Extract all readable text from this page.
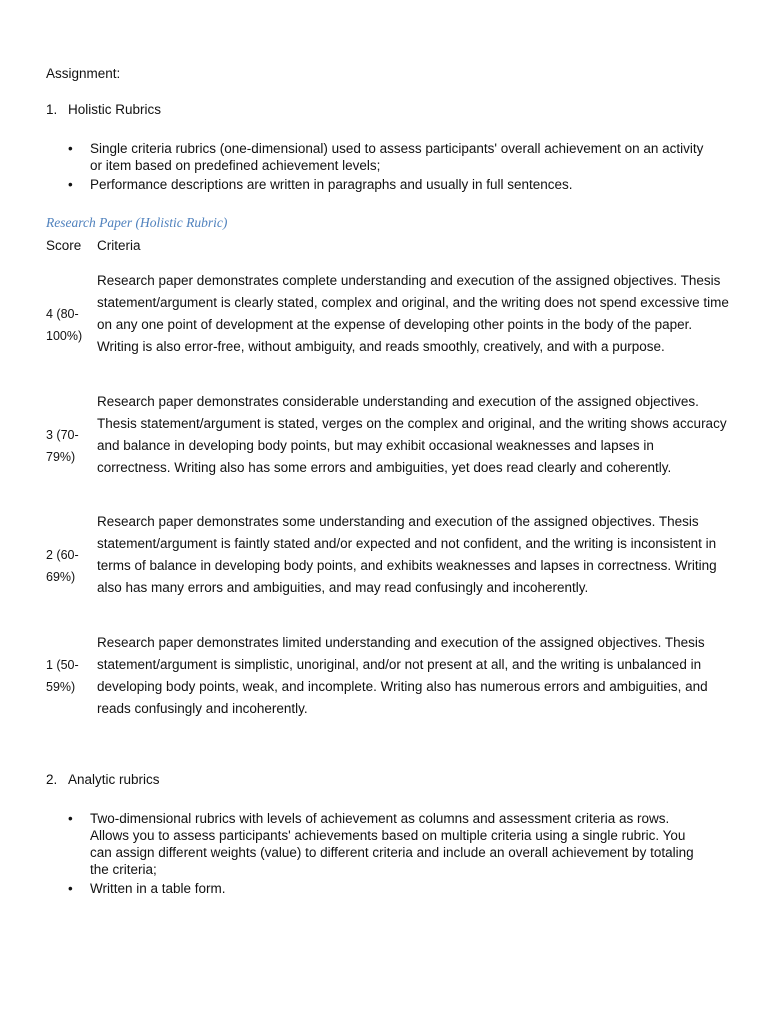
Assignment:
1. Holistic Rubrics
• Single criteria rubrics (one-dimensional) used to assess participants' overall achievement on an activity or item based on predefined achievement levels;
• Performance descriptions are written in paragraphs and usually in full sentences.
Research Paper (Holistic Rubric)
Score Criteria
4 (80-100%)
Research paper demonstrates complete understanding and execution of the assigned objectives. Thesis statement/argument is clearly stated, complex and original, and the writing does not spend excessive time on any one point of development at the expense of developing other points in the body of the paper. Writing is also error-free, without ambiguity, and reads smoothly, creatively, and with a purpose.
3 (70-79%)
Research paper demonstrates considerable understanding and execution of the assigned objectives. Thesis statement/argument is stated, verges on the complex and original, and the writing shows accuracy and balance in developing body points, but may exhibit occasional weaknesses and lapses in correctness. Writing also has some errors and ambiguities, yet does read clearly and coherently.
2 (60-69%)
Research paper demonstrates some understanding and execution of the assigned objectives. Thesis statement/argument is faintly stated and/or expected and not confident, and the writing is inconsistent in terms of balance in developing body points, and exhibits weaknesses and lapses in correctness. Writing also has many errors and ambiguities, and may read confusingly and incoherently.
1 (50-59%)
Research paper demonstrates limited understanding and execution of the assigned objectives. Thesis statement/argument is simplistic, unoriginal, and/or not present at all, and the writing is unbalanced in developing body points, weak, and incomplete. Writing also has numerous errors and ambiguities, and reads confusingly and incoherently.
2. Analytic rubrics
• Two-dimensional rubrics with levels of achievement as columns and assessment criteria as rows. Allows you to assess participants' achievements based on multiple criteria using a single rubric. You can assign different weights (value) to different criteria and include an overall achievement by totaling the criteria;
• Written in a table form.
